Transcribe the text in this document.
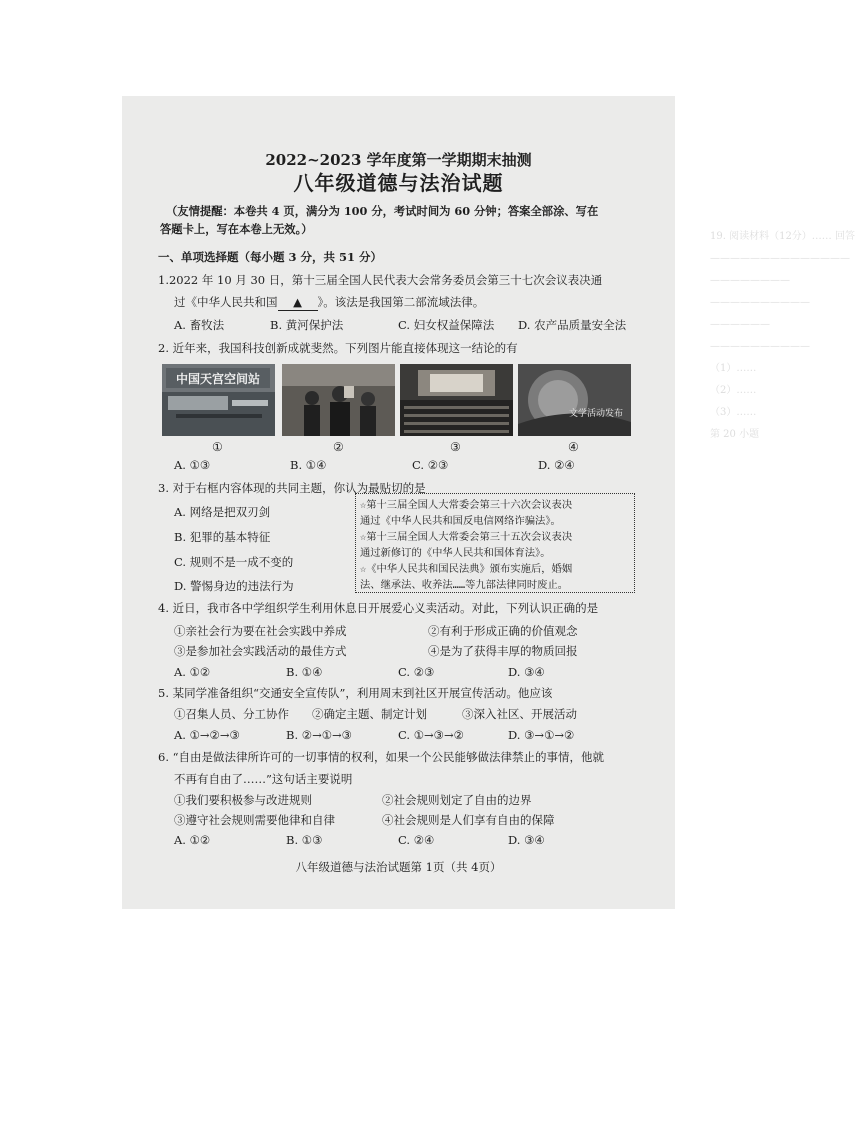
19. 阅读材料（12分）…… 回答
——————————————
————————
——————————
——————
——————————
（1）……
（2）……
（3）……
第 20 小题
2022~2023 学年度第一学期期末抽测
八年级道德与法治试题
（友情提醒：本卷共 4 页，满分为 100 分，考试时间为 60 分钟；答案全部涂、写在
答题卡上，写在本卷上无效。）
一、单项选择题（每小题 3 分，共 51 分）
1.2022 年 10 月 30 日，第十三届全国人民代表大会常务委员会第三十七次会议表决通
过《中华人民共和国 ▲ 》。该法是我国第二部流域法律。
A. 畜牧法	B. 黄河保护法	C. 妇女权益保障法 D. 农产品质量安全法
2. 近年来，我国科技创新成就斐然。下列图片能直接体现这一结论的有
中国天宫空间站
文学活动发布
①	②	③	④
A. ①③	B. ①④	C. ②③	D. ②④
3. 对于右框内容体现的共同主题，你认为最贴切的是
A. 网络是把双刃剑
B. 犯罪的基本特征
C. 规则不是一成不变的
D. 警惕身边的违法行为
☆第十三届全国人大常委会第三十六次会议表决
通过《中华人民共和国反电信网络诈骗法》。
☆第十三届全国人大常委会第三十五次会议表决
通过新修订的《中华人民共和国体育法》。
☆《中华人民共和国民法典》颁布实施后，婚姻
法、继承法、收养法……等九部法律同时废止。
4. 近日，我市各中学组织学生利用休息日开展爱心义卖活动。对此，下列认识正确的是
①亲社会行为要在社会实践中养成	②有利于形成正确的价值观念
③是参加社会实践活动的最佳方式	④是为了获得丰厚的物质回报
A. ①②	B. ①④	C. ②③	D. ③④
5. 某同学准备组织“交通安全宣传队”，利用周末到社区开展宣传活动。他应该
①召集人员、分工协作 ②确定主题、制定计划	③深入社区、开展活动
A. ①→②→③	B. ②→①→③	C. ①→③→②	D. ③→①→②
6. “自由是做法律所许可的一切事情的权利，如果一个公民能够做法律禁止的事情，他就
不再有自由了……”这句话主要说明
①我们要积极参与改进规则	②社会规则划定了自由的边界
③遵守社会规则需要他律和自律	④社会规则是人们享有自由的保障
A. ①②	B. ①③	C. ②④	D. ③④
八年级道德与法治试题第 1页（共 4页）
